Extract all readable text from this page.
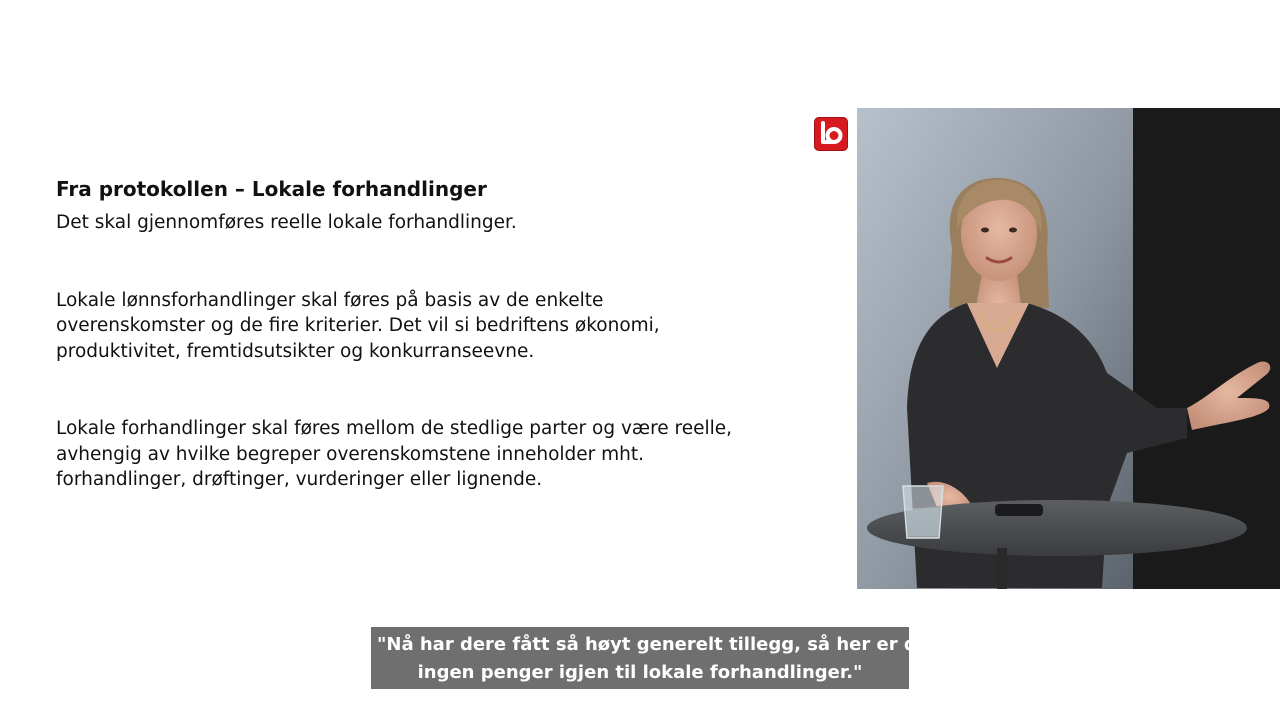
Fra protokollen – Lokale forhandlinger

Det skal gjennomføres reelle lokale forhandlinger.

Lokale lønnsforhandlinger skal føres på basis av de enkelte
overenskomster og de fire kriterier. Det vil si bedriftens økonomi,
produktivitet, fremtidsutsikter og konkurranseevne.

Lokale forhandlinger skal føres mellom de stedlige parter og være reelle,
avhengig av hvilke begreper overenskomstene inneholder mht.
forhandlinger, drøftinger, vurderinger eller lignende.

"Nå har dere fått så høyt generelt tillegg, så her er det
ingen penger igjen til lokale forhandlinger."
